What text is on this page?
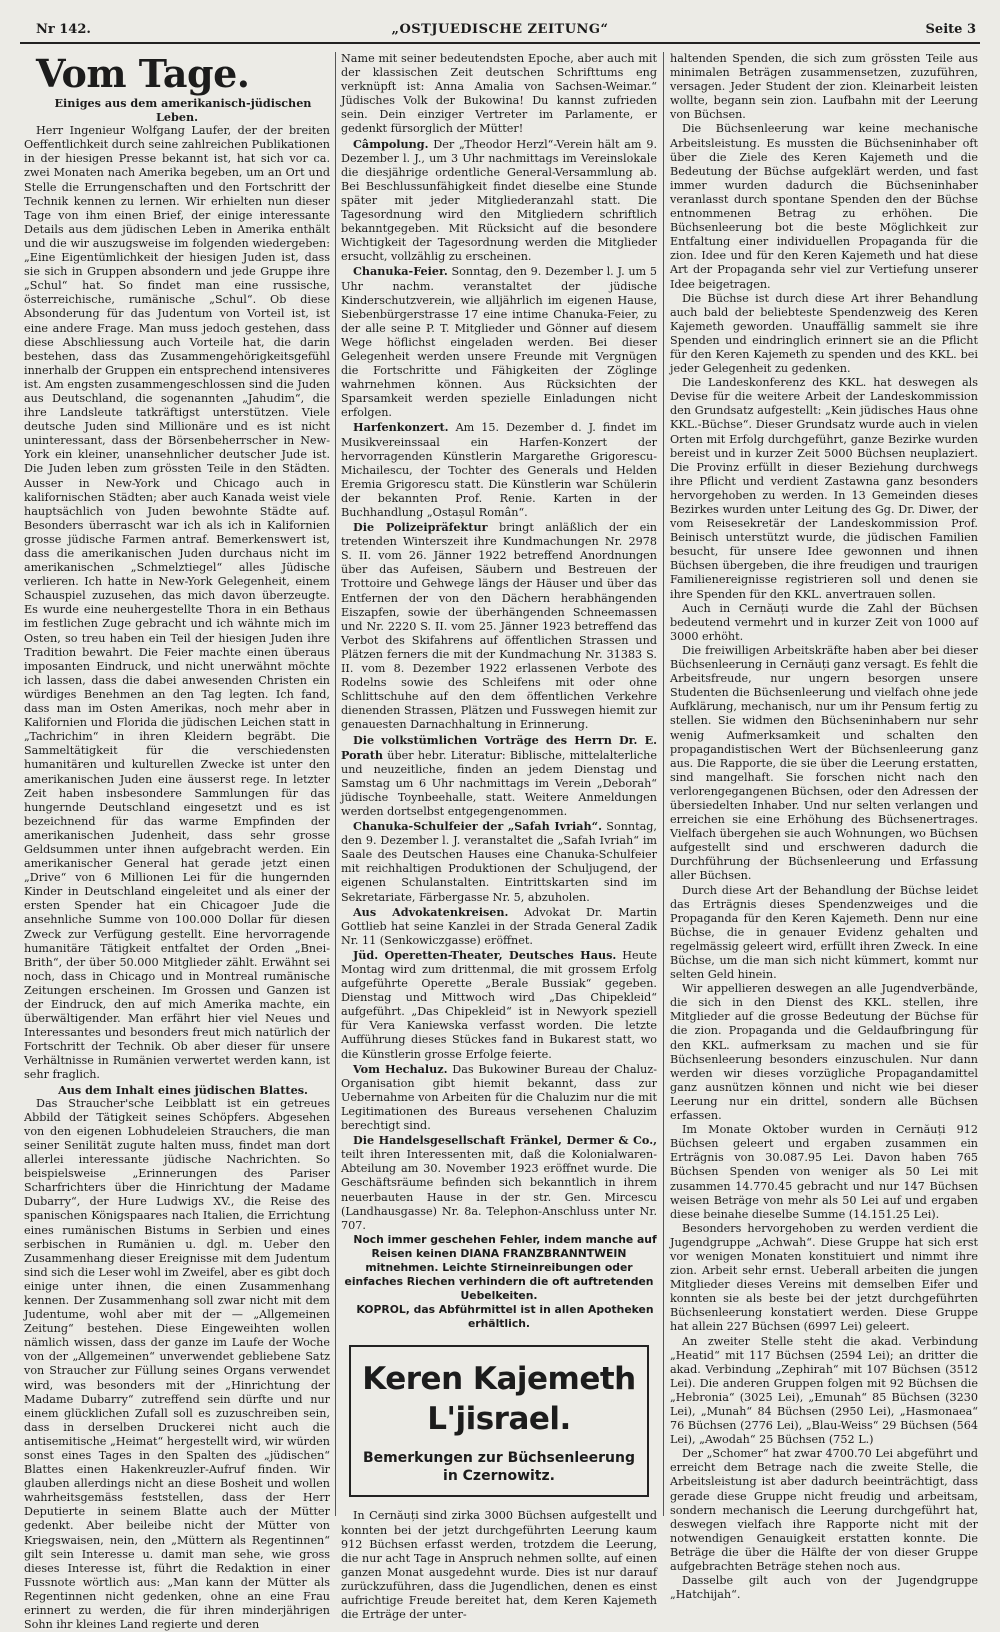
Nr 142.	„OSTJUEDISCHE ZEITUNG“	Seite 3

Vom Tage.

Einiges aus dem amerikanisch-jüdischen Leben.

Herr Ingenieur Wolfgang Laufer, der der breiten Oeffentlichkeit durch seine zahlreichen Publikationen in der hiesigen Presse bekannt ist, hat sich vor ca. zwei Monaten nach Amerika begeben, um an Ort und Stelle die Errungenschaften und den Fortschritt der Technik kennen zu lernen. Wir erhielten nun dieser Tage von ihm einen Brief, der einige interessante Details aus dem jüdischen Leben in Amerika enthält und die wir auszugsweise im folgenden wiedergeben: „Eine Eigentümlichkeit der hiesigen Juden ist, dass sie sich in Gruppen absondern und jede Gruppe ihre „Schul“ hat. So findet man eine russische, österreichische, rumänische „Schul“. Ob diese Absonderung für das Judentum von Vorteil ist, ist eine andere Frage. Man muss jedoch gestehen, dass diese Abschliessung auch Vorteile hat, die darin bestehen, dass das Zusammengehörigkeitsgefühl innerhalb der Gruppen ein entsprechend intensiveres ist. Am engsten zusammengeschlossen sind die Juden aus Deutschland, die sogenannten „Jahudim“, die ihre Landsleute tatkräftigst unterstützen. Viele deutsche Juden sind Millionäre und es ist nicht uninteressant, dass der Börsenbeherrscher in New-York ein kleiner, unansehnlicher deutscher Jude ist. Die Juden leben zum grössten Teile in den Städten. Ausser in New-York und Chicago auch in kalifornischen Städten; aber auch Kanada weist viele hauptsächlich von Juden bewohnte Städte auf. Besonders überrascht war ich als ich in Kalifornien grosse jüdische Farmen antraf. Bemerkenswert ist, dass die amerikanischen Juden durchaus nicht im amerikanischen „Schmelztiegel“ alles Jüdische verlieren. Ich hatte in New-York Gelegenheit, einem Schauspiel zuzusehen, das mich davon überzeugte. Es wurde eine neuhergestellte Thora in ein Bethaus im festlichen Zuge gebracht und ich wähnte mich im Osten, so treu haben ein Teil der hiesigen Juden ihre Tradition bewahrt. Die Feier machte einen überaus imposanten Eindruck, und nicht unerwähnt möchte ich lassen, dass die dabei anwesenden Christen ein würdiges Benehmen an den Tag legten. Ich fand, dass man im Osten Amerikas, noch mehr aber in Kalifornien und Florida die jüdischen Leichen statt in „Tachrichim“ in ihren Kleidern begräbt. Die Sammeltätigkeit für die verschiedensten humanitären und kulturellen Zwecke ist unter den amerikanischen Juden eine äusserst rege. In letzter Zeit haben insbesondere Sammlungen für das hungernde Deutschland eingesetzt und es ist bezeichnend für das warme Empfinden der amerikanischen Judenheit, dass sehr grosse Geldsummen unter ihnen aufgebracht werden. Ein amerikanischer General hat gerade jetzt einen „Drive“ von 6 Millionen Lei für die hungernden Kinder in Deutschland eingeleitet und als einer der ersten Spender hat ein Chicagoer Jude die ansehnliche Summe von 100.000 Dollar für diesen Zweck zur Verfügung gestellt. Eine hervorragende humanitäre Tätigkeit entfaltet der Orden „Bnei-Brith“, der über 50.000 Mitglieder zählt. Erwähnt sei noch, dass in Chicago und in Montreal rumänische Zeitungen erscheinen. Im Grossen und Ganzen ist der Eindruck, den auf mich Amerika machte, ein überwältigender. Man erfährt hier viel Neues und Interessantes und besonders freut mich natürlich der Fortschritt der Technik. Ob aber dieser für unsere Verhältnisse in Rumänien verwertet werden kann, ist sehr fraglich.

Aus dem Inhalt eines jüdischen Blattes.

Das Straucher'sche Leibblatt ist ein getreues Abbild der Tätigkeit seines Schöpfers. Abgesehen von den eigenen Lobhudeleien Strauchers, die man seiner Senilität zugute halten muss, findet man dort allerlei interessante jüdische Nachrichten. So beispielsweise „Erinnerungen des Pariser Scharfrichters über die Hinrichtung der Madame Dubarry“, der Hure Ludwigs XV., die Reise des spanischen Königspaares nach Italien, die Errichtung eines rumänischen Bistums in Serbien und eines serbischen in Rumänien u. dgl. m. Ueber den Zusammenhang dieser Ereignisse mit dem Judentum sind sich die Leser wohl im Zweifel, aber es gibt doch einige unter ihnen, die einen Zusammenhang kennen. Der Zusammenhang soll zwar nicht mit dem Judentume, wohl aber mit der — „Allgemeinen Zeitung“ bestehen. Diese Eingeweihten wollen nämlich wissen, dass der ganze im Laufe der Woche von der „Allgemeinen“ unverwendet gebliebene Satz von Straucher zur Füllung seines Organs verwendet wird, was besonders mit der „Hinrichtung der Madame Dubarry“ zutreffend sein dürfte und nur einem glücklichen Zufall soll es zuzuschreiben sein, dass in derselben Druckerei nicht auch die antisemitische „Heimat“ hergestellt wird, wir würden sonst eines Tages in den Spalten des „jüdischen“ Blattes einen Hakenkreuzler-Aufruf finden. Wir glauben allerdings nicht an diese Bosheit und wollen wahrheitsgemäss feststellen, dass der Herr Deputierte in seinem Blatte auch der Mütter gedenkt. Aber beileibe nicht der Mütter von Kriegswaisen, nein, den „Müttern als Regentinnen“ gilt sein Interesse u. damit man sehe, wie gross dieses Interesse ist, führt die Redaktion in einer Fussnote wörtlich aus: „Man kann der Mütter als Regentinnen nicht gedenken, ohne an eine Frau erinnert zu werden, die für ihren minderjährigen Sohn ihr kleines Land regierte und deren

Name mit seiner bedeutendsten Epoche, aber auch mit der klassischen Zeit deutschen Schrifttums eng verknüpft ist: Anna Amalia von Sachsen-Weimar.“ Jüdisches Volk der Bukowina! Du kannst zufrieden sein. Dein einziger Vertreter im Parlamente, er gedenkt fürsorglich der Mütter!

Câmpolung. Der „Theodor Herzl“-Verein hält am 9. Dezember l. J., um 3 Uhr nachmittags im Vereinslokale die diesjährige ordentliche General-Versammlung ab. Bei Beschlussunfähigkeit findet dieselbe eine Stunde später mit jeder Mitgliederanzahl statt. Die Tagesordnung wird den Mitgliedern schriftlich bekanntgegeben. Mit Rücksicht auf die besondere Wichtigkeit der Tagesordnung werden die Mitglieder ersucht, vollzählig zu erscheinen.

Chanuka-Feier. Sonntag, den 9. Dezember l. J. um 5 Uhr nachm. veranstaltet der jüdische Kinderschutzverein, wie alljährlich im eigenen Hause, Siebenbürgerstrasse 17 eine intime Chanuka-Feier, zu der alle seine P. T. Mitglieder und Gönner auf diesem Wege höflichst eingeladen werden. Bei dieser Gelegenheit werden unsere Freunde mit Vergnügen die Fortschritte und Fähigkeiten der Zöglinge wahrnehmen können. Aus Rücksichten der Sparsamkeit werden spezielle Einladungen nicht erfolgen.

Harfenkonzert. Am 15. Dezember d. J. findet im Musikvereinssaal ein Harfen-Konzert der hervorragenden Künstlerin Margarethe Grigorescu-Michailescu, der Tochter des Generals und Helden Eremia Grigorescu statt. Die Künstlerin war Schülerin der bekannten Prof. Renie. Karten in der Buchhandlung „Ostașul Român“.

Die Polizeipräfektur bringt anläßlich der ein tretenden Winterszeit ihre Kundmachungen Nr. 2978 S. II. vom 26. Jänner 1922 betreffend Anordnungen über das Aufeisen, Säubern und Bestreuen der Trottoire und Gehwege längs der Häuser und über das Entfernen der von den Dächern herabhängenden Eiszapfen, sowie der überhängenden Schneemassen und Nr. 2220 S. II. vom 25. Jänner 1923 betreffend das Verbot des Skifahrens auf öffentlichen Strassen und Plätzen ferners die mit der Kundmachung Nr. 31383 S. II. vom 8. Dezember 1922 erlassenen Verbote des Rodelns sowie des Schleifens mit oder ohne Schlittschuhe auf den dem öffentlichen Verkehre dienenden Strassen, Plätzen und Fusswegen hiemit zur genauesten Darnachhaltung in Erinnerung.

Die volkstümlichen Vorträge des Herrn Dr. E. Porath über hebr. Literatur: Biblische, mittelalterliche und neuzeitliche, finden an jedem Dienstag und Samstag um 6 Uhr nachmittags im Verein „Deborah“ jüdische Toynbeehalle, statt. Weitere Anmeldungen werden dortselbst entgegengenommen.

Chanuka-Schulfeier der „Safah Ivriah“. Sonntag, den 9. Dezember l. J. veranstaltet die „Safah Ivriah“ im Saale des Deutschen Hauses eine Chanuka-Schulfeier mit reichhaltigen Produktionen der Schuljugend, der eigenen Schulanstalten. Eintrittskarten sind im Sekretariate, Färbergasse Nr. 5, abzuholen.

Aus Advokatenkreisen. Advokat Dr. Martin Gottlieb hat seine Kanzlei in der Strada General Zadik Nr. 11 (Senkowiczgasse) eröffnet.

Jüd. Operetten-Theater, Deutsches Haus. Heute Montag wird zum drittenmal, die mit grossem Erfolg aufgeführte Operette „Berale Bussiak“ gegeben. Dienstag und Mittwoch wird „Das Chipekleid“ aufgeführt. „Das Chipekleid“ ist in Newyork speziell für Vera Kaniewska verfasst worden. Die letzte Aufführung dieses Stückes fand in Bukarest statt, wo die Künstlerin grosse Erfolge feierte.

Vom Hechaluz. Das Bukowiner Bureau der Chaluz-Organisation gibt hiemit bekannt, dass zur Uebernahme von Arbeiten für die Chaluzim nur die mit Legitimationen des Bureaus versehenen Chaluzim berechtigt sind.

Die Handelsgesellschaft Fränkel, Dermer & Co., teilt ihren Interessenten mit, daß die Kolonialwaren-Abteilung am 30. November 1923 eröffnet wurde. Die Geschäftsräume befinden sich bekanntlich in ihrem neuerbauten Hause in der str. Gen. Mircescu (Landhausgasse) Nr. 8a. Telephon-Anschluss unter Nr. 707.

Noch immer geschehen Fehler, indem manche auf Reisen keinen DIANA FRANZBRANNTWEIN mitnehmen. Leichte Stirneinreibungen oder einfaches Riechen verhindern die oft auftretenden Uebelkeiten.

KOPROL, das Abführmittel ist in allen Apotheken erhältlich.

Keren Kajemeth L'jisrael.
Bemerkungen zur Büchsenleerung in Czernowitz.

In Cernăuți sind zirka 3000 Büchsen aufgestellt und konnten bei der jetzt durchgeführten Leerung kaum 912 Büchsen erfasst werden, trotzdem die Leerung, die nur acht Tage in Anspruch nehmen sollte, auf einen ganzen Monat ausgedehnt wurde. Dies ist nur darauf zurückzuführen, dass die Jugendlichen, denen es einst aufrichtige Freude bereitet hat, dem Keren Kajemeth die Erträge der unter-

haltenden Spenden, die sich zum grössten Teile aus minimalen Beträgen zusammensetzen, zuzuführen, versagen. Jeder Student der zion. Kleinarbeit leisten wollte, begann sein zion. Laufbahn mit der Leerung von Büchsen.

Die Büchsenleerung war keine mechanische Arbeitsleistung. Es mussten die Büchseninhaber oft über die Ziele des Keren Kajemeth und die Bedeutung der Büchse aufgeklärt werden, und fast immer wurden dadurch die Büchseninhaber veranlasst durch spontane Spenden den der Büchse entnommenen Betrag zu erhöhen. Die Büchsenleerung bot die beste Möglichkeit zur Entfaltung einer individuellen Propaganda für die zion. Idee und für den Keren Kajemeth und hat diese Art der Propaganda sehr viel zur Vertiefung unserer Idee beigetragen.

Die Büchse ist durch diese Art ihrer Behandlung auch bald der beliebteste Spendenzweig des Keren Kajemeth geworden. Unauffällig sammelt sie ihre Spenden und eindringlich erinnert sie an die Pflicht für den Keren Kajemeth zu spenden und des KKL. bei jeder Gelegenheit zu gedenken.

Die Landeskonferenz des KKL. hat deswegen als Devise für die weitere Arbeit der Landeskommission den Grundsatz aufgestellt: „Kein jüdisches Haus ohne KKL.-Büchse“. Dieser Grundsatz wurde auch in vielen Orten mit Erfolg durchgeführt, ganze Bezirke wurden bereist und in kurzer Zeit 5000 Büchsen neuplaziert. Die Provinz erfüllt in dieser Beziehung durchwegs ihre Pflicht und verdient Zastawna ganz besonders hervorgehoben zu werden. In 13 Gemeinden dieses Bezirkes wurden unter Leitung des Gg. Dr. Diwer, der vom Reisesekretär der Landeskommission Prof. Beinisch unterstützt wurde, die jüdischen Familien besucht, für unsere Idee gewonnen und ihnen Büchsen übergeben, die ihre freudigen und traurigen Familienereignisse registrieren soll und denen sie ihre Spenden für den KKL. anvertrauen sollen.

Auch in Cernăuți wurde die Zahl der Büchsen bedeutend vermehrt und in kurzer Zeit von 1000 auf 3000 erhöht.

Die freiwilligen Arbeitskräfte haben aber bei dieser Büchsenleerung in Cernăuți ganz versagt. Es fehlt die Arbeitsfreude, nur ungern besorgen unsere Studenten die Büchsenleerung und vielfach ohne jede Aufklärung, mechanisch, nur um ihr Pensum fertig zu stellen. Sie widmen den Büchseninhabern nur sehr wenig Aufmerksamkeit und schalten den propagandistischen Wert der Büchsenleerung ganz aus. Die Rapporte, die sie über die Leerung erstatten, sind mangelhaft. Sie forschen nicht nach den verlorengegangenen Büchsen, oder den Adressen der übersiedelten Inhaber. Und nur selten verlangen und erreichen sie eine Erhöhung des Büchsenertrages. Vielfach übergehen sie auch Wohnungen, wo Büchsen aufgestellt sind und erschweren dadurch die Durchführung der Büchsenleerung und Erfassung aller Büchsen.

Durch diese Art der Behandlung der Büchse leidet das Erträgnis dieses Spendenzweiges und die Propaganda für den Keren Kajemeth. Denn nur eine Büchse, die in genauer Evidenz gehalten und regelmässig geleert wird, erfüllt ihren Zweck. In eine Büchse, um die man sich nicht kümmert, kommt nur selten Geld hinein.

Wir appellieren deswegen an alle Jugendverbände, die sich in den Dienst des KKL. stellen, ihre Mitglieder auf die grosse Bedeutung der Büchse für die zion. Propaganda und die Geldaufbringung für den KKL. aufmerksam zu machen und sie für Büchsenleerung besonders einzuschulen. Nur dann werden wir dieses vorzügliche Propagandamittel ganz ausnützen können und nicht wie bei dieser Leerung nur ein drittel, sondern alle Büchsen erfassen.

Im Monate Oktober wurden in Cernăuți 912 Büchsen geleert und ergaben zusammen ein Erträgnis von 30.087.95 Lei. Davon haben 765 Büchsen Spenden von weniger als 50 Lei mit zusammen 14.770.45 gebracht und nur 147 Büchsen weisen Beträge von mehr als 50 Lei auf und ergaben diese beinahe dieselbe Summe (14.151.25 Lei).

Besonders hervorgehoben zu werden verdient die Jugendgruppe „Achwah“. Diese Gruppe hat sich erst vor wenigen Monaten konstituiert und nimmt ihre zion. Arbeit sehr ernst. Ueberall arbeiten die jungen Mitglieder dieses Vereins mit demselben Eifer und konnten sie als beste bei der jetzt durchgeführten Büchsenleerung konstatiert werden. Diese Gruppe hat allein 227 Büchsen (6997 Lei) geleert.

An zweiter Stelle steht die akad. Verbindung „Heatid“ mit 117 Büchsen (2594 Lei); an dritter die akad. Verbindung „Zephirah“ mit 107 Büchsen (3512 Lei). Die anderen Gruppen folgen mit 92 Büchsen die „Hebronia“ (3025 Lei), „Emunah“ 85 Büchsen (3230 Lei), „Munah“ 84 Büchsen (2950 Lei), „Hasmonaea“ 76 Büchsen (2776 Lei), „Blau-Weiss“ 29 Büchsen (564 Lei), „Awodah“ 25 Büchsen (752 L.)

Der „Schomer“ hat zwar 4700.70 Lei abgeführt und erreicht dem Betrage nach die zweite Stelle, die Arbeitsleistung ist aber dadurch beeinträchtigt, dass gerade diese Gruppe nicht freudig und arbeitsam, sondern mechanisch die Leerung durchgeführt hat, deswegen vielfach ihre Rapporte nicht mit der notwendigen Genauigkeit erstatten konnte. Die Beträge die über die Hälfte der von dieser Gruppe aufgebrachten Beträge stehen noch aus.

Dasselbe gilt auch von der Jugendgruppe „Hatchijah“.
